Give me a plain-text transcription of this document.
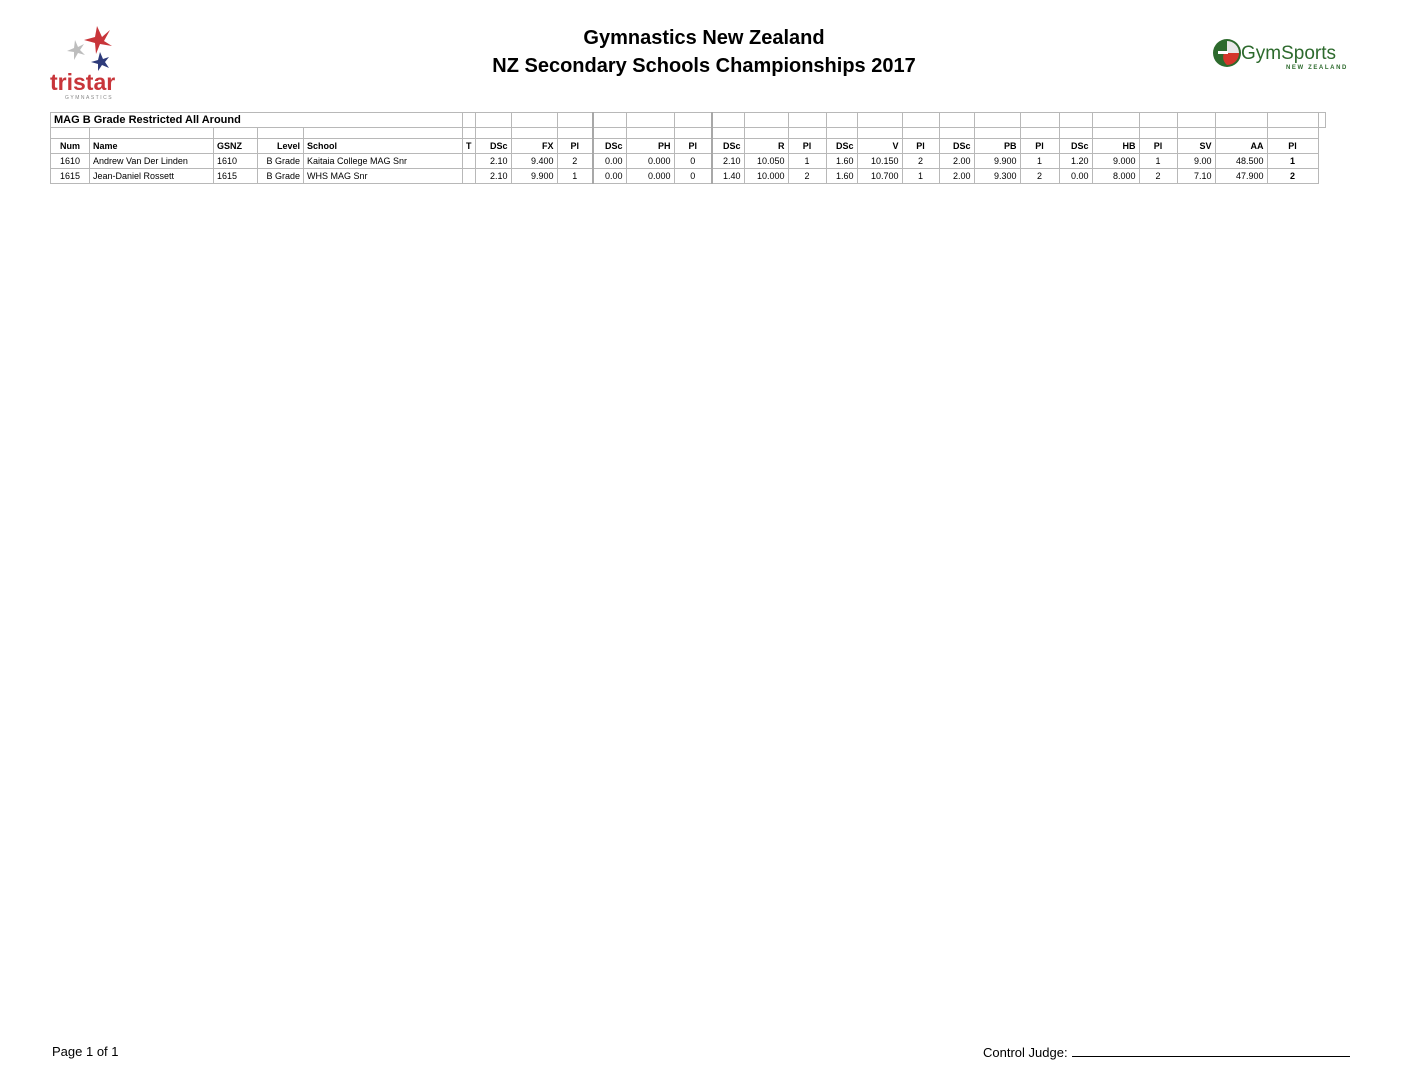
Gymnastics New Zealand
NZ Secondary Schools Championships 2017
tristar
GYMNASTICS
GymSports
NEW ZEALAND
MAG B Grade Restricted All Around																											

Num	Name	GSNZ	Level	School	T	DSc	FX	Pl	DSc	PH	Pl	DSc	R	Pl	DSc	V	Pl	DSc	PB	Pl	DSc	HB	Pl	SV	AA	Pl	
1610	Andrew Van Der Linden	1610	B Grade	Kaitaia College MAG Snr		2.10	9.400	2	0.00	0.000	0	2.10	10.050	1	1.60	10.150	2	2.00	9.900	1	1.20	9.000	1	9.00	48.500	1	
1615	Jean-Daniel Rossett	1615	B Grade	WHS MAG Snr		2.10	9.900	1	0.00	0.000	0	1.40	10.000	2	1.60	10.700	1	2.00	9.300	2	0.00	8.000	2	7.10	47.900	2	
Page 1 of 1	Control Judge:
